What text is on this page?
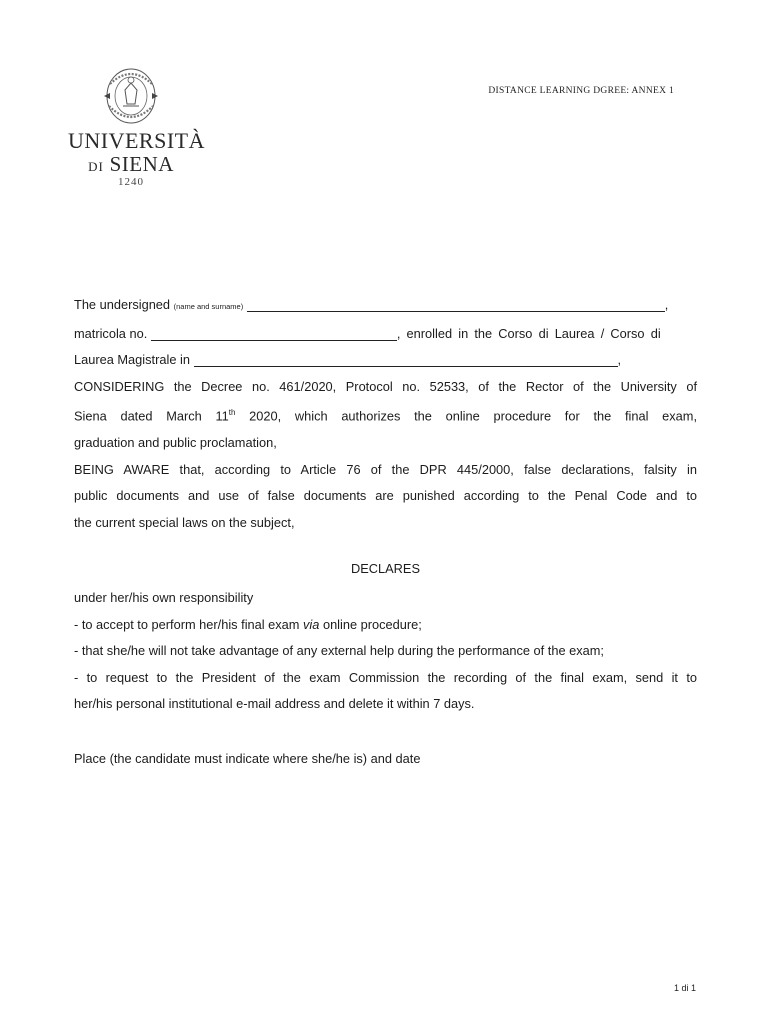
UNIVERSITÀ
DI SIENA
1240
DISTANCE LEARNING DGREE: ANNEX 1
The undersigned (name and surname)	,
matricola no.	, enrolled in the Corso di Laurea / Corso di
Laurea Magistrale in	,
CONSIDERING the Decree no. 461/2020, Protocol no. 52533, of the Rector of the University of
Siena dated March 11th 2020, which authorizes the online procedure for the final exam,
graduation and public proclamation,
BEING AWARE that, according to Article 76 of the DPR 445/2000, false declarations, falsity in
public documents and use of false documents are punished according to the Penal Code and to
the current special laws on the subject,
DECLARES
under her/his own responsibility
- to accept to perform her/his final exam via online procedure;
- that she/he will not take advantage of any external help during the performance of the exam;
- to request to the President of the exam Commission the recording of the final exam, send it to
her/his personal institutional e-mail address and delete it within 7 days.
Place (the candidate must indicate where she/he is) and date
1 di 1
